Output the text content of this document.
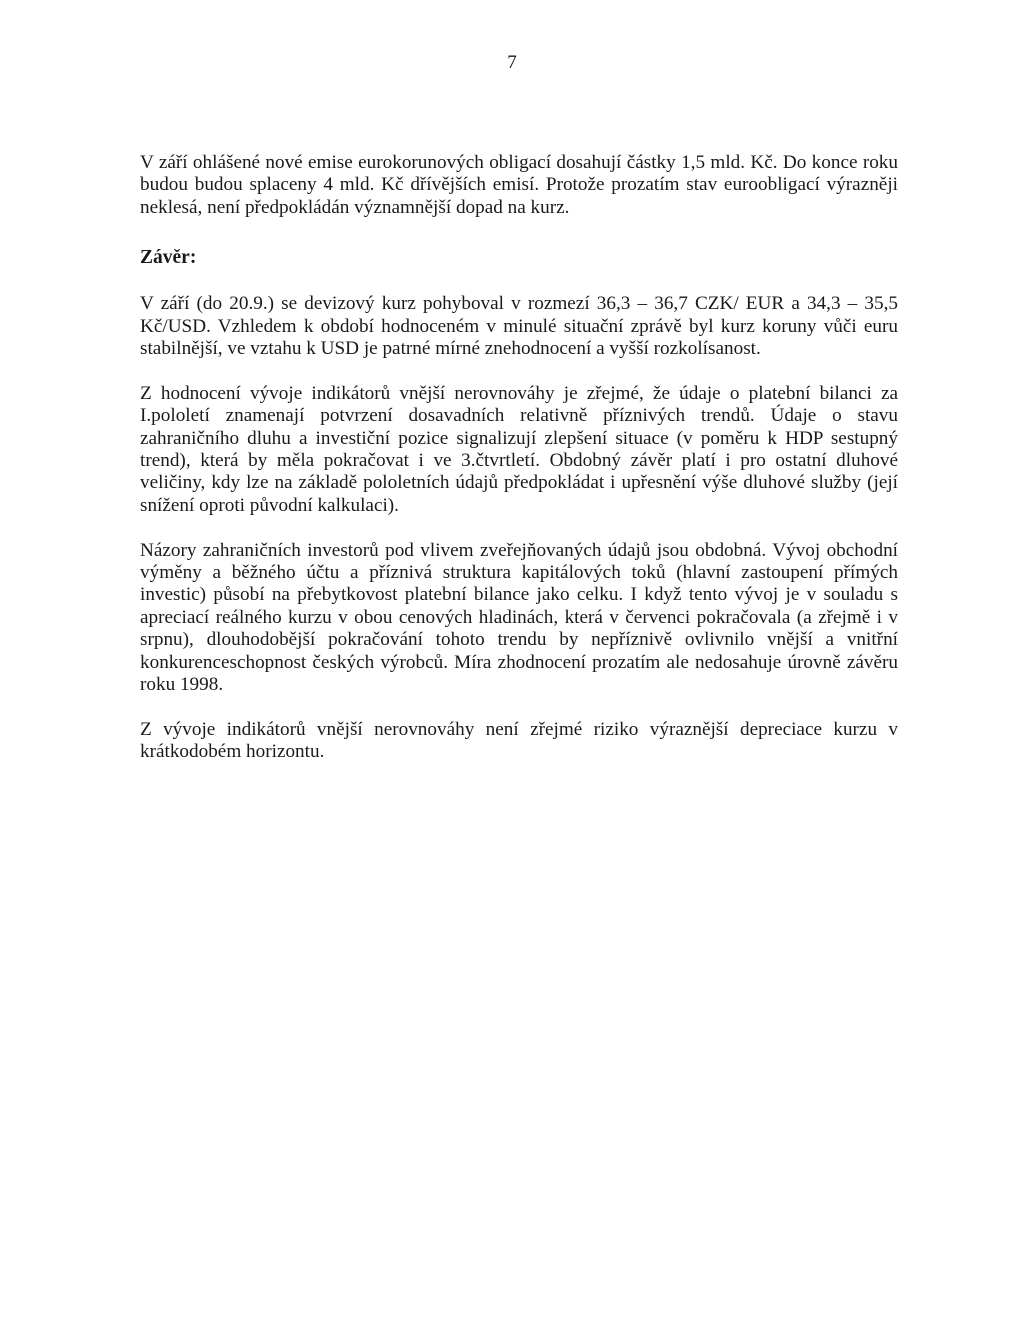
7

V září ohlášené nové emise eurokorunových obligací dosahují částky 1,5 mld. Kč. Do konce roku budou budou splaceny 4 mld. Kč dřívějších emisí. Protože prozatím stav euroobligací výrazněji neklesá, není předpokládán významnější dopad na kurz.

Závěr:

V září (do 20.9.) se devizový kurz pohyboval v rozmezí 36,3 – 36,7 CZK/ EUR a 34,3 – 35,5 Kč/USD. Vzhledem k období hodnoceném v minulé situační zprávě byl kurz koruny vůči euru stabilnější, ve vztahu k USD je patrné mírné znehodnocení a vyšší rozkolísanost.

Z hodnocení vývoje indikátorů vnější nerovnováhy je zřejmé, že údaje o platební bilanci za I.pololetí znamenají potvrzení dosavadních relativně příznivých trendů. Údaje o stavu zahraničního dluhu a investiční pozice signalizují zlepšení situace (v poměru k HDP sestupný trend), která by měla pokračovat i ve 3.čtvrtletí. Obdobný závěr platí i pro ostatní dluhové veličiny, kdy lze na základě pololetních údajů předpokládat i upřesnění výše dluhové služby (její snížení oproti původní kalkulaci).

Názory zahraničních investorů pod vlivem zveřejňovaných údajů jsou obdobná. Vývoj obchodní výměny a běžného účtu a příznivá struktura kapitálových toků (hlavní zastoupení přímých investic) působí na přebytkovost platební bilance jako celku. I když tento vývoj je v souladu s apreciací reálného kurzu v obou cenových hladinách, která v červenci pokračovala (a zřejmě i v srpnu), dlouhodobější pokračování tohoto trendu by nepříznivě ovlivnilo vnější a vnitřní konkurenceschopnost českých výrobců. Míra zhodnocení prozatím ale nedosahuje úrovně závěru roku 1998.

Z vývoje indikátorů vnější nerovnováhy není zřejmé riziko výraznější depreciace kurzu v krátkodobém horizontu.
